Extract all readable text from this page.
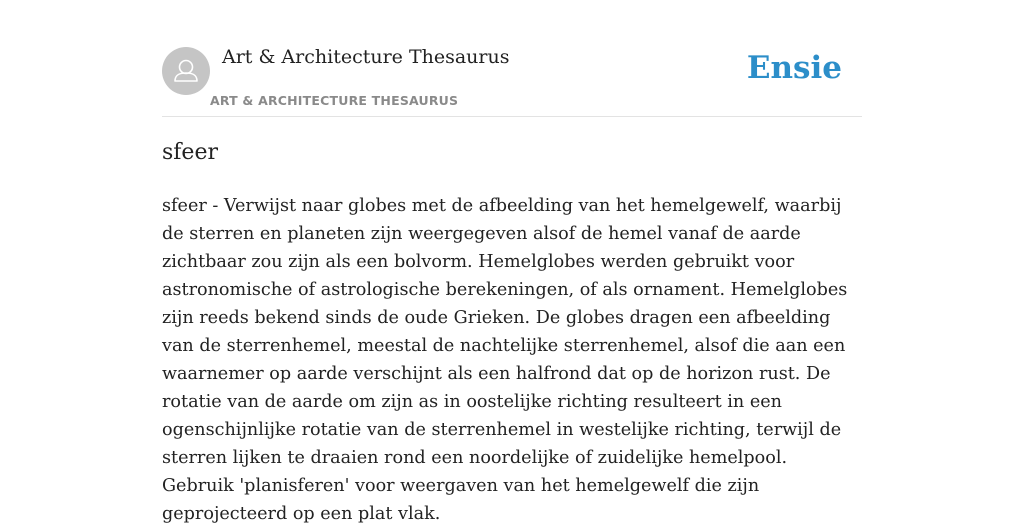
Art & Architecture Thesaurus
ART & ARCHITECTURE THESAURUS
Ensie
sfeer

sfeer - Verwijst naar globes met de afbeelding van het hemelgewelf, waarbij de sterren en planeten zijn weergegeven alsof de hemel vanaf de aarde zichtbaar zou zijn als een bolvorm. Hemelglobes werden gebruikt voor astronomische of astrologische berekeningen, of als ornament. Hemelglobes zijn reeds bekend sinds de oude Grieken. De globes dragen een afbeelding van de sterrenhemel, meestal de nachtelijke sterrenhemel, alsof die aan een waarnemer op aarde verschijnt als een halfrond dat op de horizon rust. De rotatie van de aarde om zijn as in oostelijke richting resulteert in een ogenschijnlijke rotatie van de sterrenhemel in westelijke richting, terwijl de sterren lijken te draaien rond een noordelijke of zuidelijke hemelpool. Gebruik 'planisferen' voor weergaven van het hemelgewelf die zijn geprojecteerd op een plat vlak.
